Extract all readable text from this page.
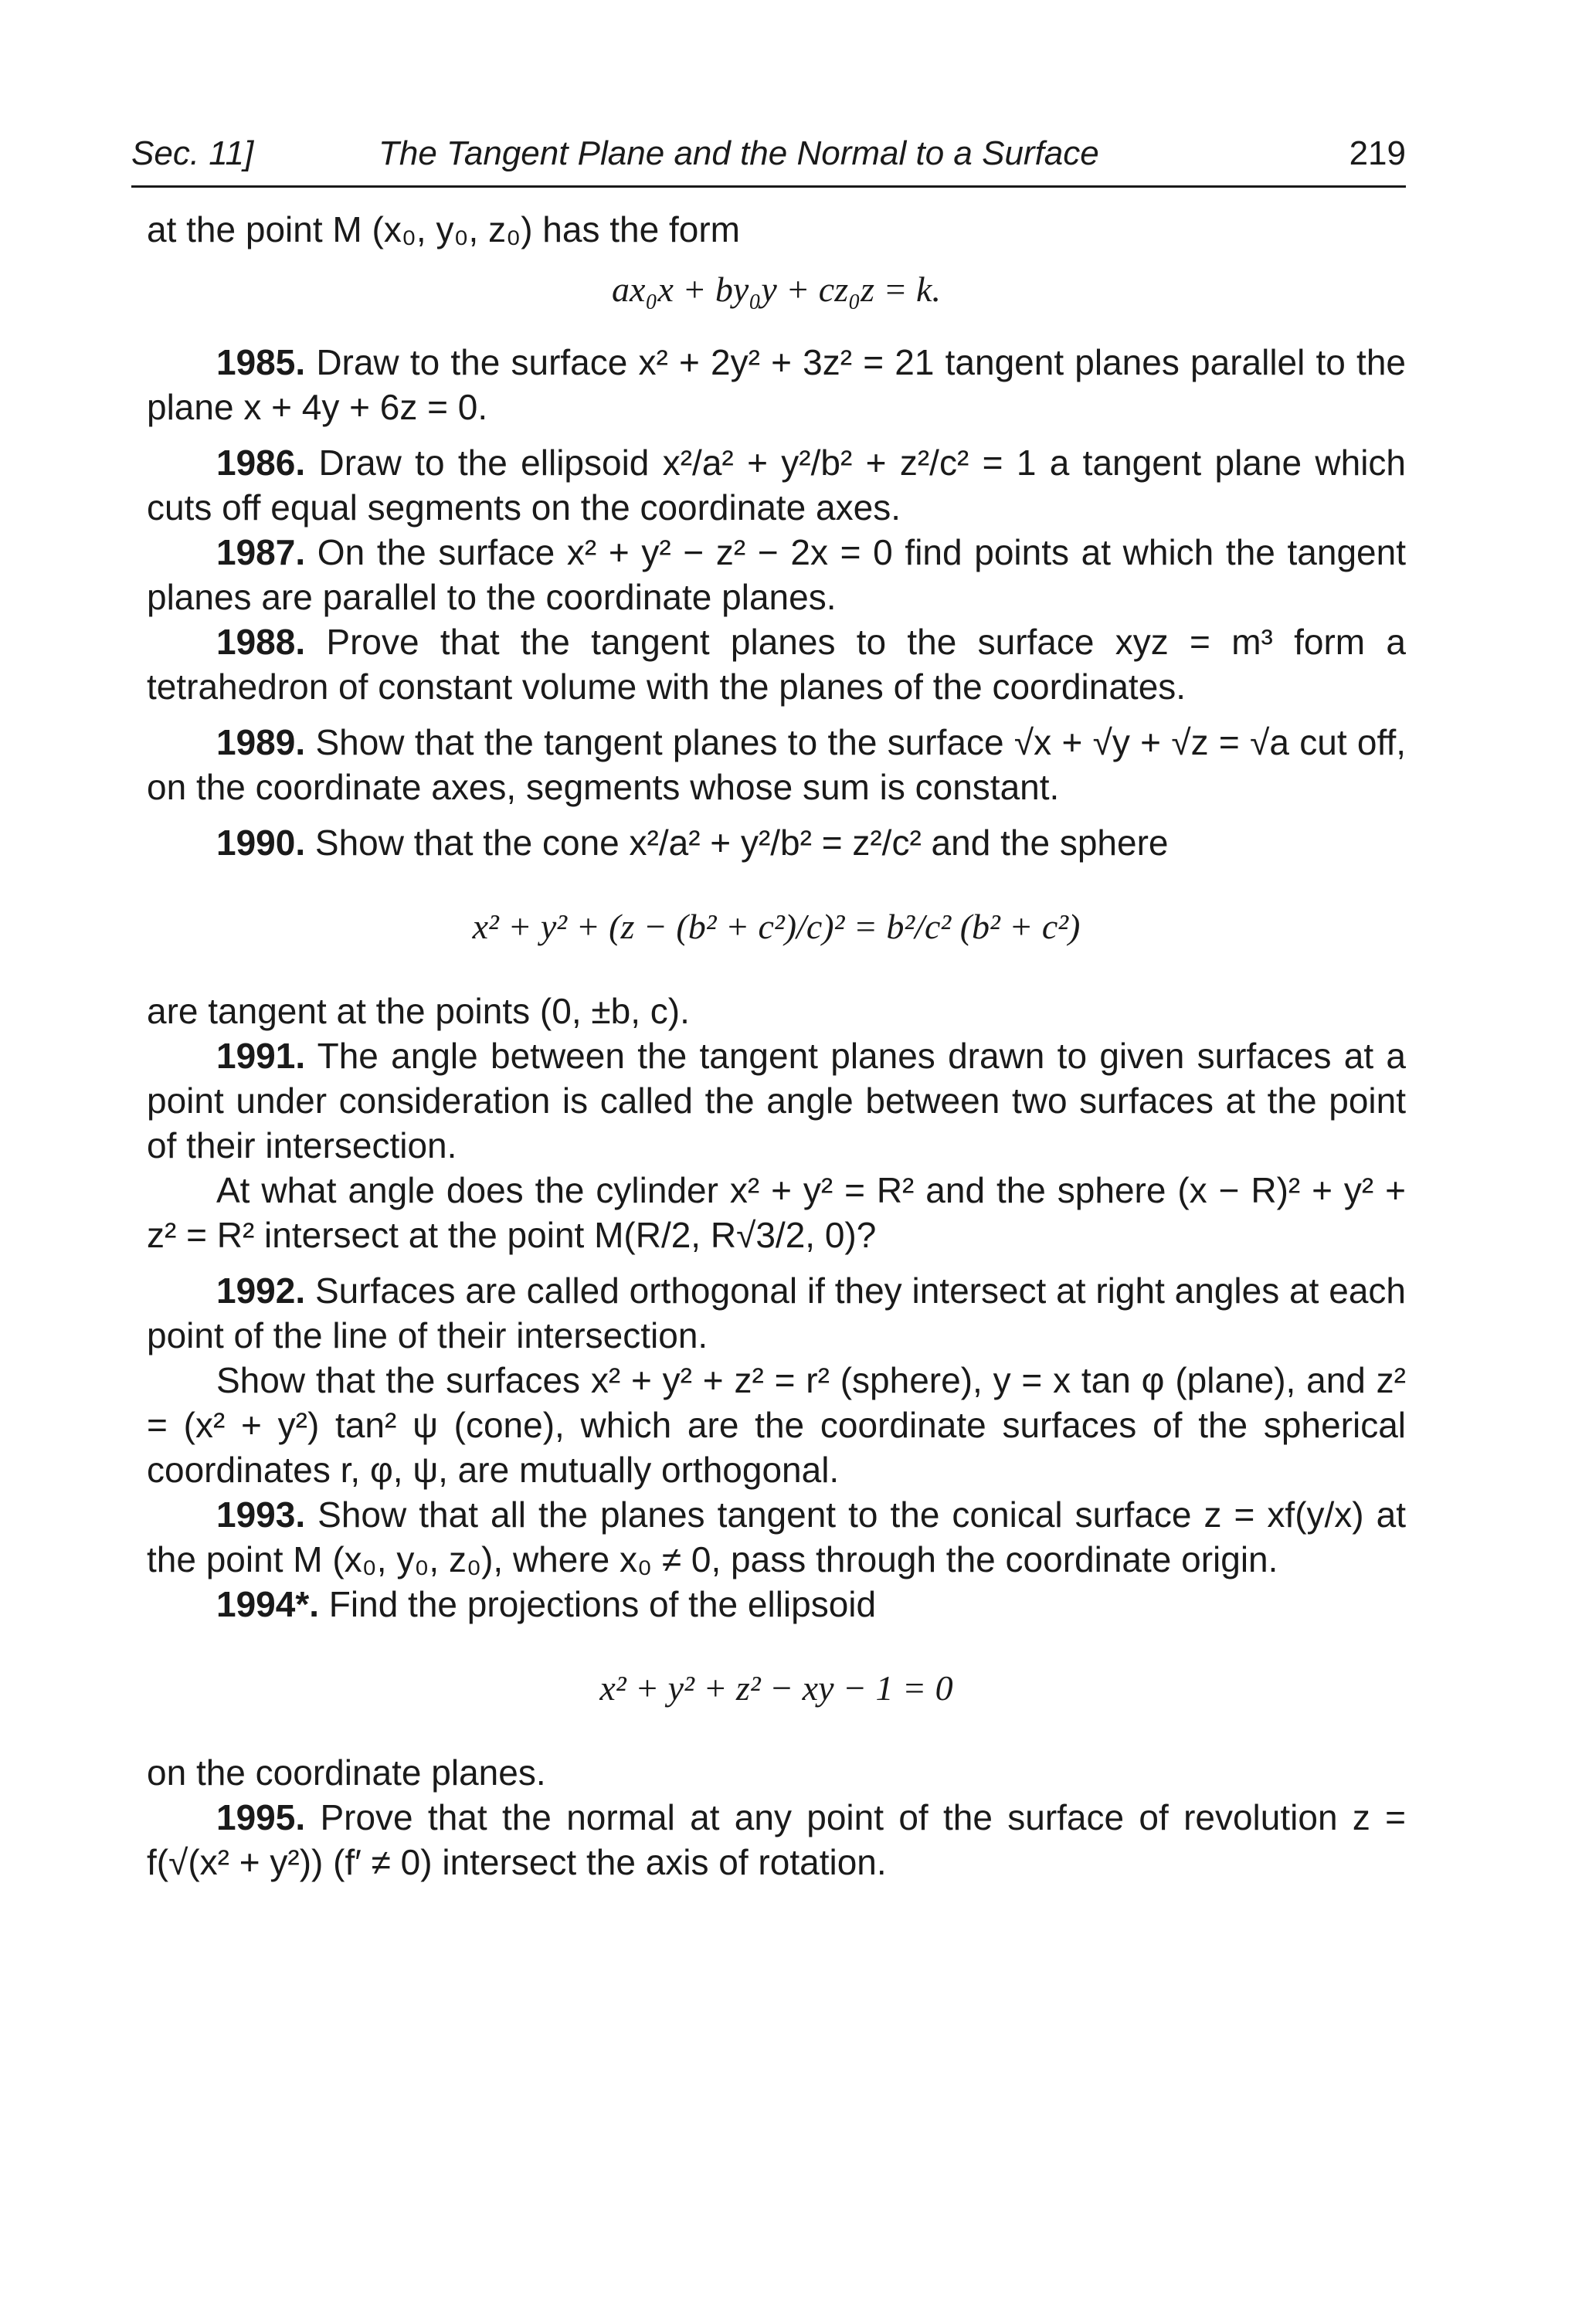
Sec. 11]	The Tangent Plane and the Normal to a Surface	219

at the point M (x₀, y₀, z₀) has the form

ax₀x + by₀y + cz₀z = k.

1985. Draw to the surface x² + 2y² + 3z² = 21 tangent planes parallel to the plane x + 4y + 6z = 0.

1986. Draw to the ellipsoid x²/a² + y²/b² + z²/c² = 1 a tangent plane which cuts off equal segments on the coordinate axes.

1987. On the surface x² + y² − z² − 2x = 0 find points at which the tangent planes are parallel to the coordinate planes.

1988. Prove that the tangent planes to the surface xyz = m³ form a tetrahedron of constant volume with the planes of the coordinates.

1989. Show that the tangent planes to the surface √x + √y + √z = √a cut off, on the coordinate axes, segments whose sum is constant.

1990. Show that the cone x²/a² + y²/b² = z²/c² and the sphere

x² + y² + (z − (b² + c²)/c)² = b²/c² (b² + c²)

are tangent at the points (0, ±b, c).

1991. The angle between the tangent planes drawn to given surfaces at a point under consideration is called the angle between two surfaces at the point of their intersection.

At what angle does the cylinder x² + y² = R² and the sphere (x − R)² + y² + z² = R² intersect at the point M(R/2, R√3/2, 0)?

1992. Surfaces are called orthogonal if they intersect at right angles at each point of the line of their intersection.

Show that the surfaces x² + y² + z² = r² (sphere), y = x tan φ (plane), and z² = (x² + y²) tan² ψ (cone), which are the coordinate surfaces of the spherical coordinates r, φ, ψ, are mutually orthogonal.

1993. Show that all the planes tangent to the conical surface z = xf(y/x) at the point M (x₀, y₀, z₀), where x₀ ≠ 0, pass through the coordinate origin.

1994*. Find the projections of the ellipsoid

x² + y² + z² − xy − 1 = 0

on the coordinate planes.

1995. Prove that the normal at any point of the surface of revolution z = f(√(x² + y²)) (f′ ≠ 0) intersect the axis of rotation.
